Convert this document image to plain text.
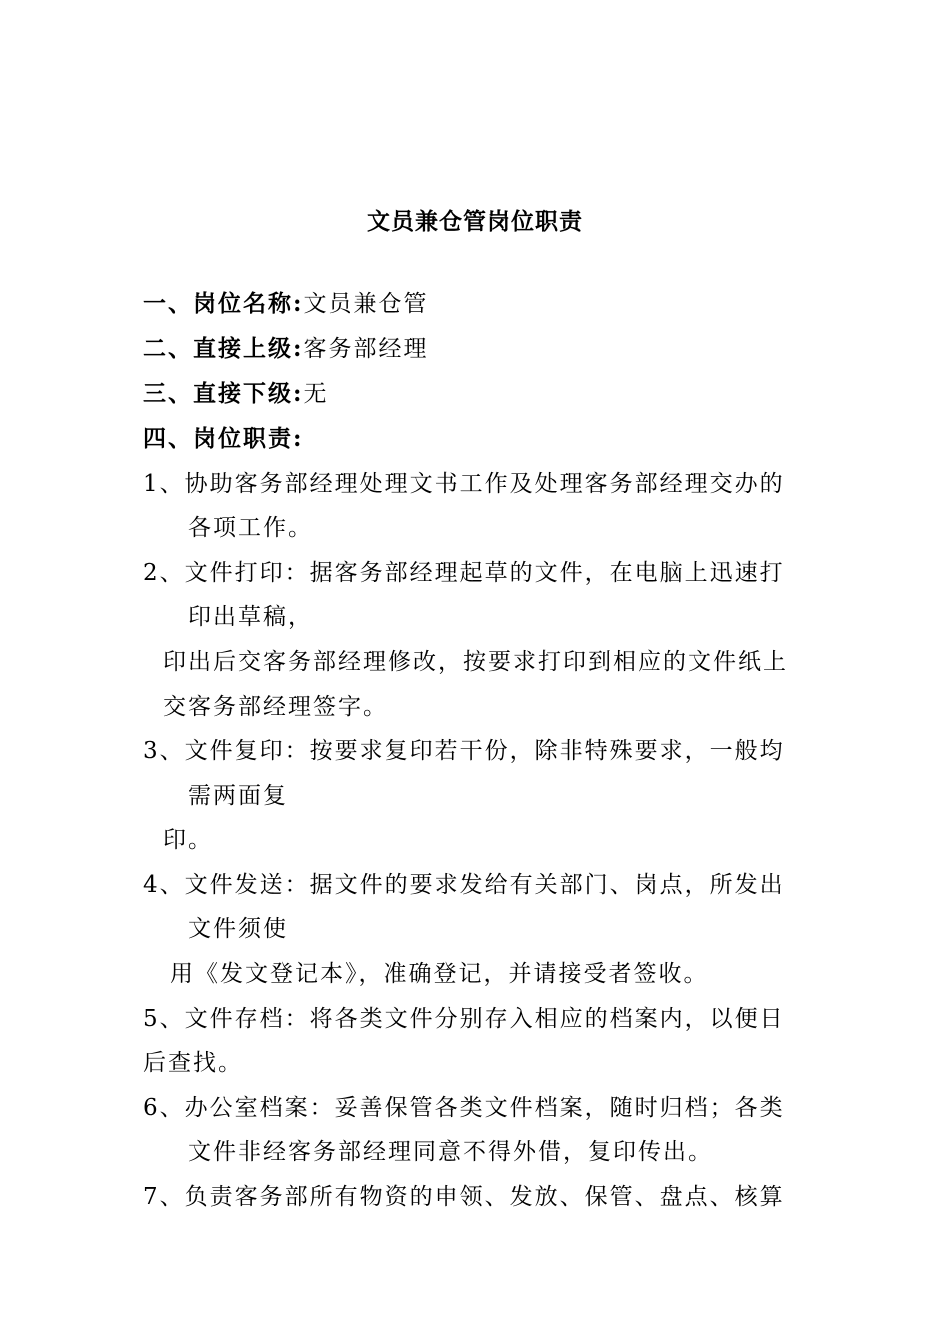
文员兼仓管岗位职责
一、岗位名称:文员兼仓管
二、直接上级:客务部经理
三、直接下级:无
四、岗位职责:
1、协助客务部经理处理文书工作及处理客务部经理交办的
各项工作。
2、文件打印：据客务部经理起草的文件，在电脑上迅速打
印出草稿，
印出后交客务部经理修改，按要求打印到相应的文件纸上
交客务部经理签字。
3、文件复印：按要求复印若干份，除非特殊要求，一般均
需两面复
印。
4、文件发送：据文件的要求发给有关部门、岗点，所发出
文件须使
用《发文登记本》，准确登记，并请接受者签收。
5、文件存档：将各类文件分别存入相应的档案内，以便日
后查找。
6、办公室档案：妥善保管各类文件档案，随时归档；各类
文件非经客务部经理同意不得外借，复印传出。
7、负责客务部所有物资的申领、发放、保管、盘点、核算
